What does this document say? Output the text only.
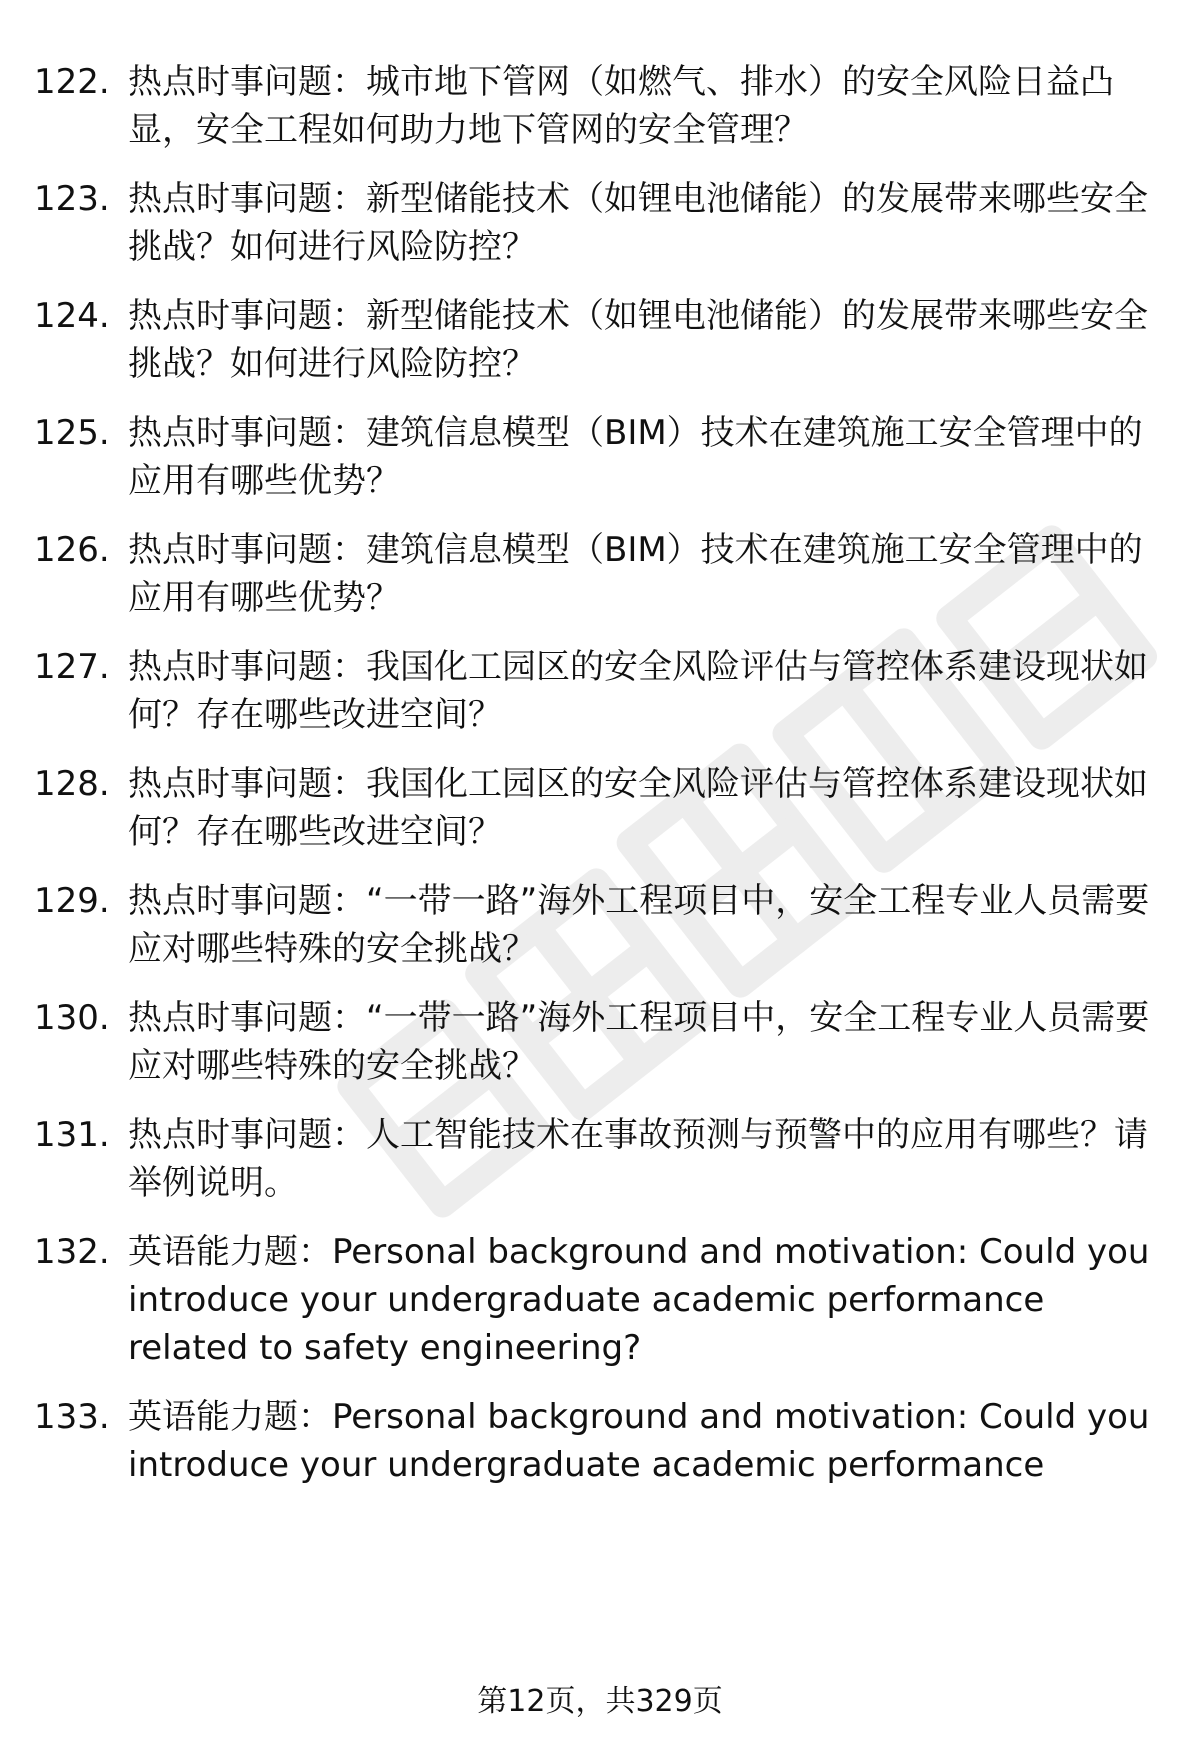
122. 热点时事问题：城市地下管网（如燃气、排水）的安全风险日益凸显，安全工程如何助力地下管网的安全管理？
123. 热点时事问题：新型储能技术（如锂电池储能）的发展带来哪些安全挑战？如何进行风险防控？
124. 热点时事问题：新型储能技术（如锂电池储能）的发展带来哪些安全挑战？如何进行风险防控？
125. 热点时事问题：建筑信息模型（BIM）技术在建筑施工安全管理中的应用有哪些优势？
126. 热点时事问题：建筑信息模型（BIM）技术在建筑施工安全管理中的应用有哪些优势？
127. 热点时事问题：我国化工园区的安全风险评估与管控体系建设现状如何？存在哪些改进空间？
128. 热点时事问题：我国化工园区的安全风险评估与管控体系建设现状如何？存在哪些改进空间？
129. 热点时事问题：“一带一路”海外工程项目中，安全工程专业人员需要应对哪些特殊的安全挑战？
130. 热点时事问题：“一带一路”海外工程项目中，安全工程专业人员需要应对哪些特殊的安全挑战？
131. 热点时事问题：人工智能技术在事故预测与预警中的应用有哪些？请举例说明。
132. 英语能力题：Personal background and motivation: Could you introduce your undergraduate academic performance related to safety engineering?
133. 英语能力题：Personal background and motivation: Could you introduce your undergraduate academic performance
第12页，共329页
